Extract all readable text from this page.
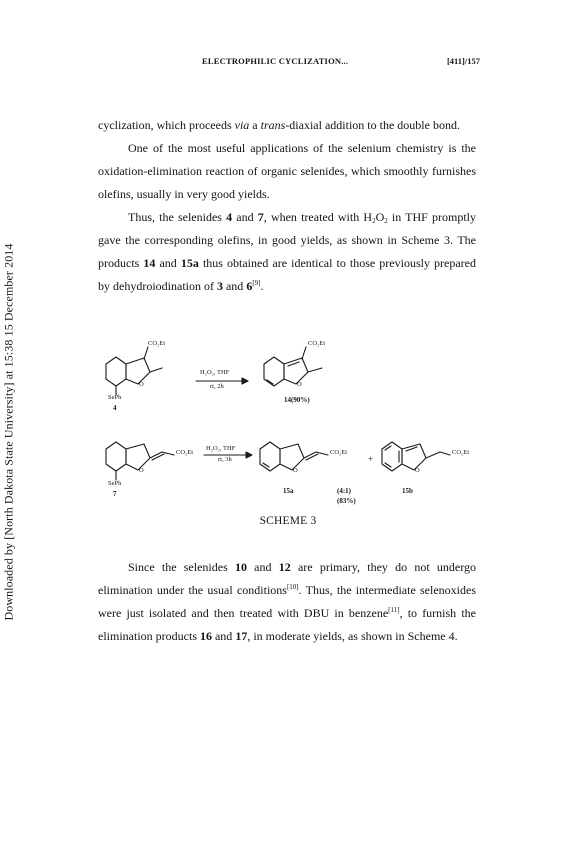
Downloaded by [North Dakota State University] at 15:38 15 December 2014
ELECTROPHILIC CYCLIZATION...	[411]/157

cyclization, which proceeds via a trans-diaxial addition to the double bond.

One of the most useful applications of the selenium chemistry is the oxidation-elimination reaction of organic selenides, which smoothly furnishes olefins, usually in very good yields.

Thus, the selenides 4 and 7, when treated with $H_2O_2$ in THF promptly gave the corresponding olefins, in good yields, as shown in Scheme 3. The products 14 and 15a thus obtained are identical to those previously prepared by dehydroiodination of 3 and 6[9].

O	O
O	O	O
CO₂Et
SePh
4
H₂O₂, THF
rt, 2h
CO₂Et
14(90%)
CO₂Et
SePh
7
H₂O₂, THF
rt, 3h
CO₂Et
+
CO₂Et
15a	(4:1)
(83%)
15b
SCHEME 3

Since the selenides 10 and 12 are primary, they do not undergo elimination under the usual conditions[10]. Thus, the intermediate selenoxides were just isolated and then treated with DBU in benzene[11], to furnish the elimination products 16 and 17, in moderate yields, as shown in Scheme 4.
